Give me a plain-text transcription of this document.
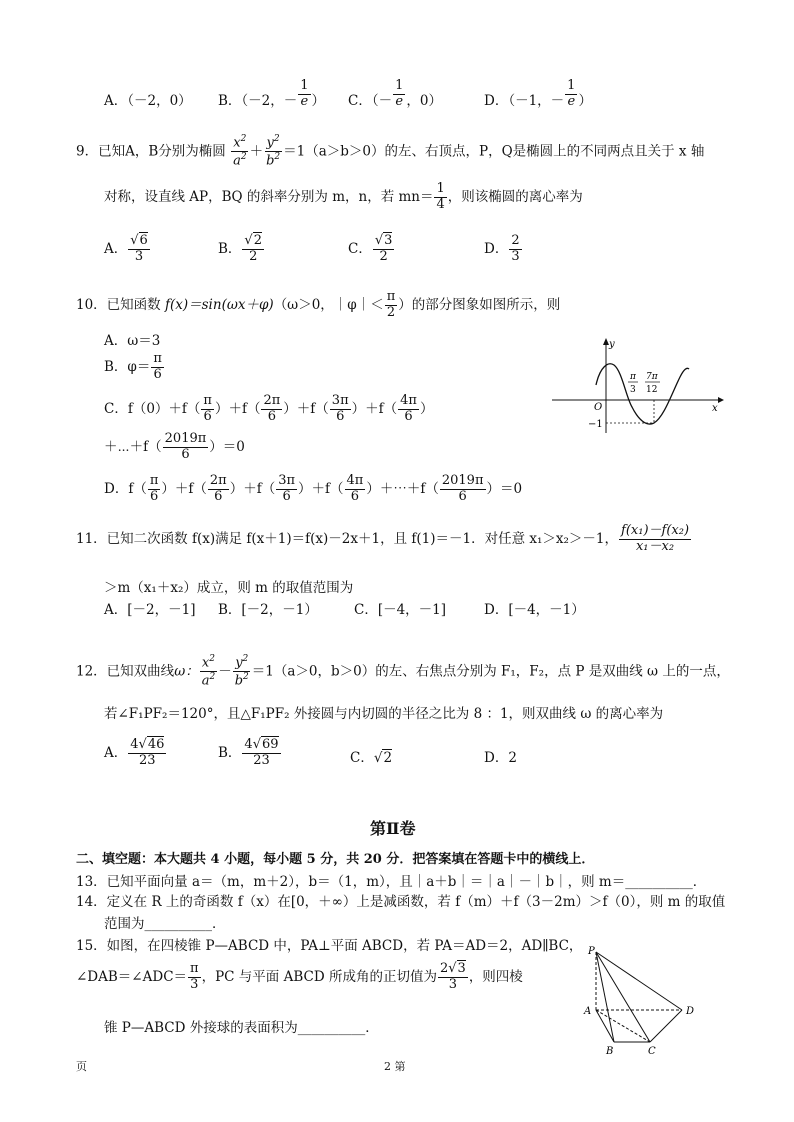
A．（－2，0） B．（－2，－ $\frac{1}{e}$ ） C．（－ $\frac{1}{e}$ ，0）	D．（－1，－ $\frac{1}{e}$ ）
9．已知A，B分别为椭圆 $\frac{x^2}{a^2} + \frac{y^2}{b^2} =1(a>b>0)$的左、右顶点，P，Q是椭圆上的不同两点且关于 x 轴
对称，设直线 AP，BQ 的斜率分别为 m，n，若 $mn= \frac{1}{4}$ ，则该椭圆的离心率为
A． $\frac{√6}{3}$	B． $\frac{√2}{2}$	C． $\frac{√3}{2}$	D． $\frac{2}{3}$
10．已知函数 f(x)＝sin(ωx＋φ)（ω＞0，｜φ｜＜ $\frac{\pi}{2}$ ）的部分图象如图所示，则
A．ω＝3
B．$\varphi= \frac{\pi}{6}$
C．$f(0)+f( \frac{\pi}{6} )+f( \frac{2\pi}{6} )+f( \frac{3\pi}{6} )+f( \frac{4\pi}{6}$ ）
＋⋯＋f（ $\frac{2019\pi}{6} )=0$
D．$f( \frac{\pi}{6} )+f( \frac{2\pi}{6} )+f( \frac{3\pi}{6} )+f( \frac{4\pi}{6}$ ）＋⋯＋f（ $\frac{2019\pi}{6} )=0$
y
x
O
−1
π
3
7π
12
11．已知二次函数 f(x)满足 f(x＋1)＝f(x)－2x＋1，且 f(1)＝－1．对任意 x₁＞x₂＞－1， $\frac{\text{f(x₁)－f(x₂)}}{\text{x₁－x₂}}$
＞m（x₁＋x₂）成立，则 m 的取值范围为
A．[－2，－1] B．[－2，－1）	C．[－4，－1]	D．[－4，－1）
12．已知双曲线ω： $\frac{x^2}{a^2} - \frac{y^2}{b^2} =1(a>0$，b＞0）的左、右焦点分别为 F₁，F₂，点 P 是双曲线 ω 上的一点，
若∠F₁PF₂＝120°，且△F₁PF₂ 外接圆与内切圆的半径之比为 8 ：1，则双曲线 ω 的离心率为
A． $\frac{4√46}{23}$	B． $\frac{4√69}{23}$	C．√2	D．2
第Ⅱ卷
二、填空题：本大题共 4 小题，每小题 5 分，共 20 分．把答案填在答题卡中的横线上．
13．已知平面向量 a＝（m，m＋2），b＝（1，m），且｜a＋b｜＝｜a｜－｜b｜，则 m＝__________．
14．定义在 R 上的奇函数 f（x）在[0，＋∞）上是减函数，若 f（m）＋f（3－2m）＞f（0），则 m 的取值
范围为__________．
15．如图，在四棱锥 P—ABCD 中，PA⊥平面 ABCD，若 PA＝AD＝2，AD∥BC，
∠DAB＝∠ADC＝ $\frac{\pi}{3}$ ，PC 与平面 ABCD 所成角的正切值为 $\frac{2√3}{3}$ ，则四棱
锥 P—ABCD 外接球的表面积为__________．
P
A
B	C
D
页	2 第
